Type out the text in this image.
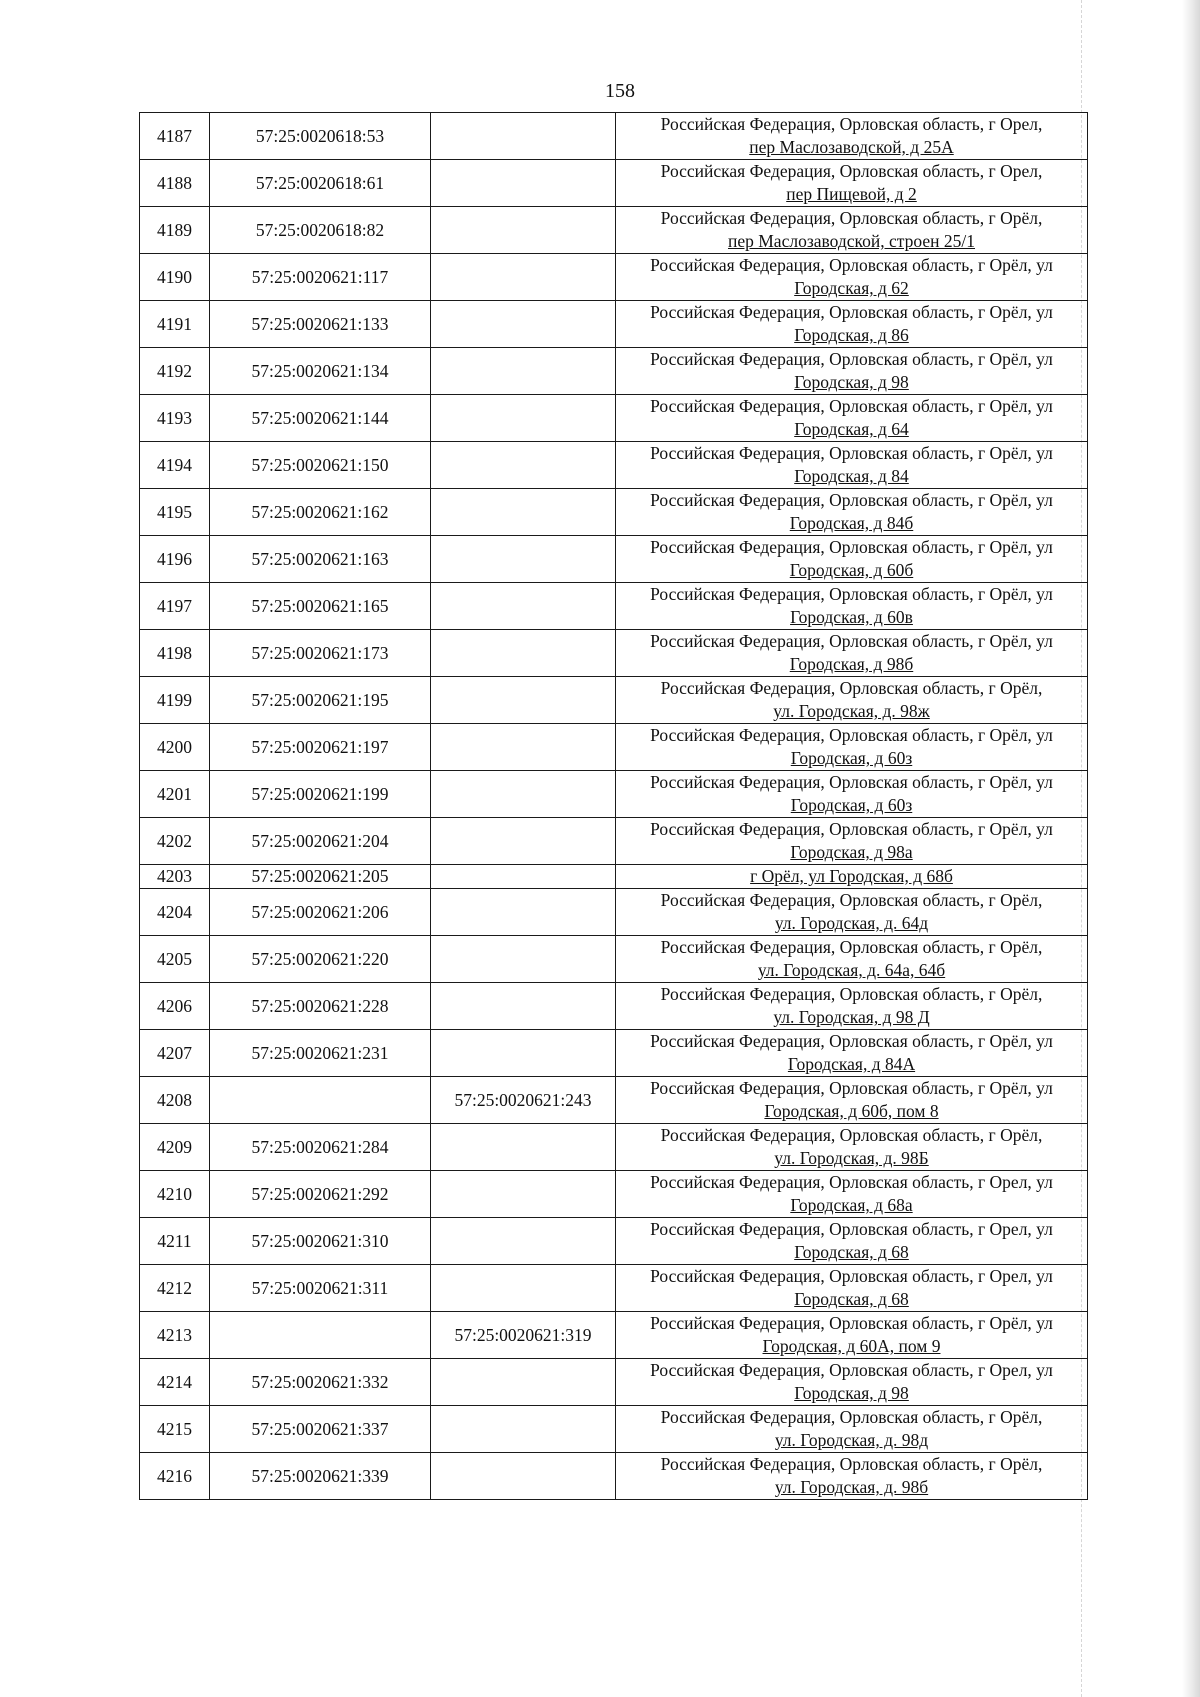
158
4187	57:25:0020618:53		Российская Федерация, Орловская область, г Орел,
пер Маслозаводской, д 25А

4188	57:25:0020618:61		Российская Федерация, Орловская область, г Орел,
пер Пищевой, д 2

4189	57:25:0020618:82		Российская Федерация, Орловская область, г Орёл,
пер Маслозаводской, строен 25/1

4190	57:25:0020621:117		Российская Федерация, Орловская область, г Орёл, ул
Городская, д 62

4191	57:25:0020621:133		Российская Федерация, Орловская область, г Орёл, ул
Городская, д 86

4192	57:25:0020621:134		Российская Федерация, Орловская область, г Орёл, ул
Городская, д 98

4193	57:25:0020621:144		Российская Федерация, Орловская область, г Орёл, ул
Городская, д 64

4194	57:25:0020621:150		Российская Федерация, Орловская область, г Орёл, ул
Городская, д 84

4195	57:25:0020621:162		Российская Федерация, Орловская область, г Орёл, ул
Городская, д 84б

4196	57:25:0020621:163		Российская Федерация, Орловская область, г Орёл, ул
Городская, д 60б

4197	57:25:0020621:165		Российская Федерация, Орловская область, г Орёл, ул
Городская, д 60в

4198	57:25:0020621:173		Российская Федерация, Орловская область, г Орёл, ул
Городская, д 98б

4199	57:25:0020621:195		Российская Федерация, Орловская область, г Орёл,
ул. Городская, д. 98ж

4200	57:25:0020621:197		Российская Федерация, Орловская область, г Орёл, ул
Городская, д 60з

4201	57:25:0020621:199		Российская Федерация, Орловская область, г Орёл, ул
Городская, д 60з

4202	57:25:0020621:204		Российская Федерация, Орловская область, г Орёл, ул
Городская, д 98а

4203	57:25:0020621:205		г Орёл, ул Городская, д 68б

4204	57:25:0020621:206		Российская Федерация, Орловская область, г Орёл,
ул. Городская, д. 64д

4205	57:25:0020621:220		Российская Федерация, Орловская область, г Орёл,
ул. Городская, д. 64а, 64б

4206	57:25:0020621:228		Российская Федерация, Орловская область, г Орёл,
ул. Городская, д 98 Д

4207	57:25:0020621:231		Российская Федерация, Орловская область, г Орёл, ул
Городская, д 84А

4208		57:25:0020621:243	Российская Федерация, Орловская область, г Орёл, ул
Городская, д 60б, пом 8

4209	57:25:0020621:284		Российская Федерация, Орловская область, г Орёл,
ул. Городская, д. 98Б

4210	57:25:0020621:292		Российская Федерация, Орловская область, г Орел, ул
Городская, д 68а

4211	57:25:0020621:310		Российская Федерация, Орловская область, г Орел, ул
Городская, д 68

4212	57:25:0020621:311		Российская Федерация, Орловская область, г Орел, ул
Городская, д 68

4213		57:25:0020621:319	Российская Федерация, Орловская область, г Орёл, ул
Городская, д 60А, пом 9

4214	57:25:0020621:332		Российская Федерация, Орловская область, г Орел, ул
Городская, д 98

4215	57:25:0020621:337		Российская Федерация, Орловская область, г Орёл,
ул. Городская, д. 98д

4216	57:25:0020621:339		Российская Федерация, Орловская область, г Орёл,
ул. Городская, д. 98б
